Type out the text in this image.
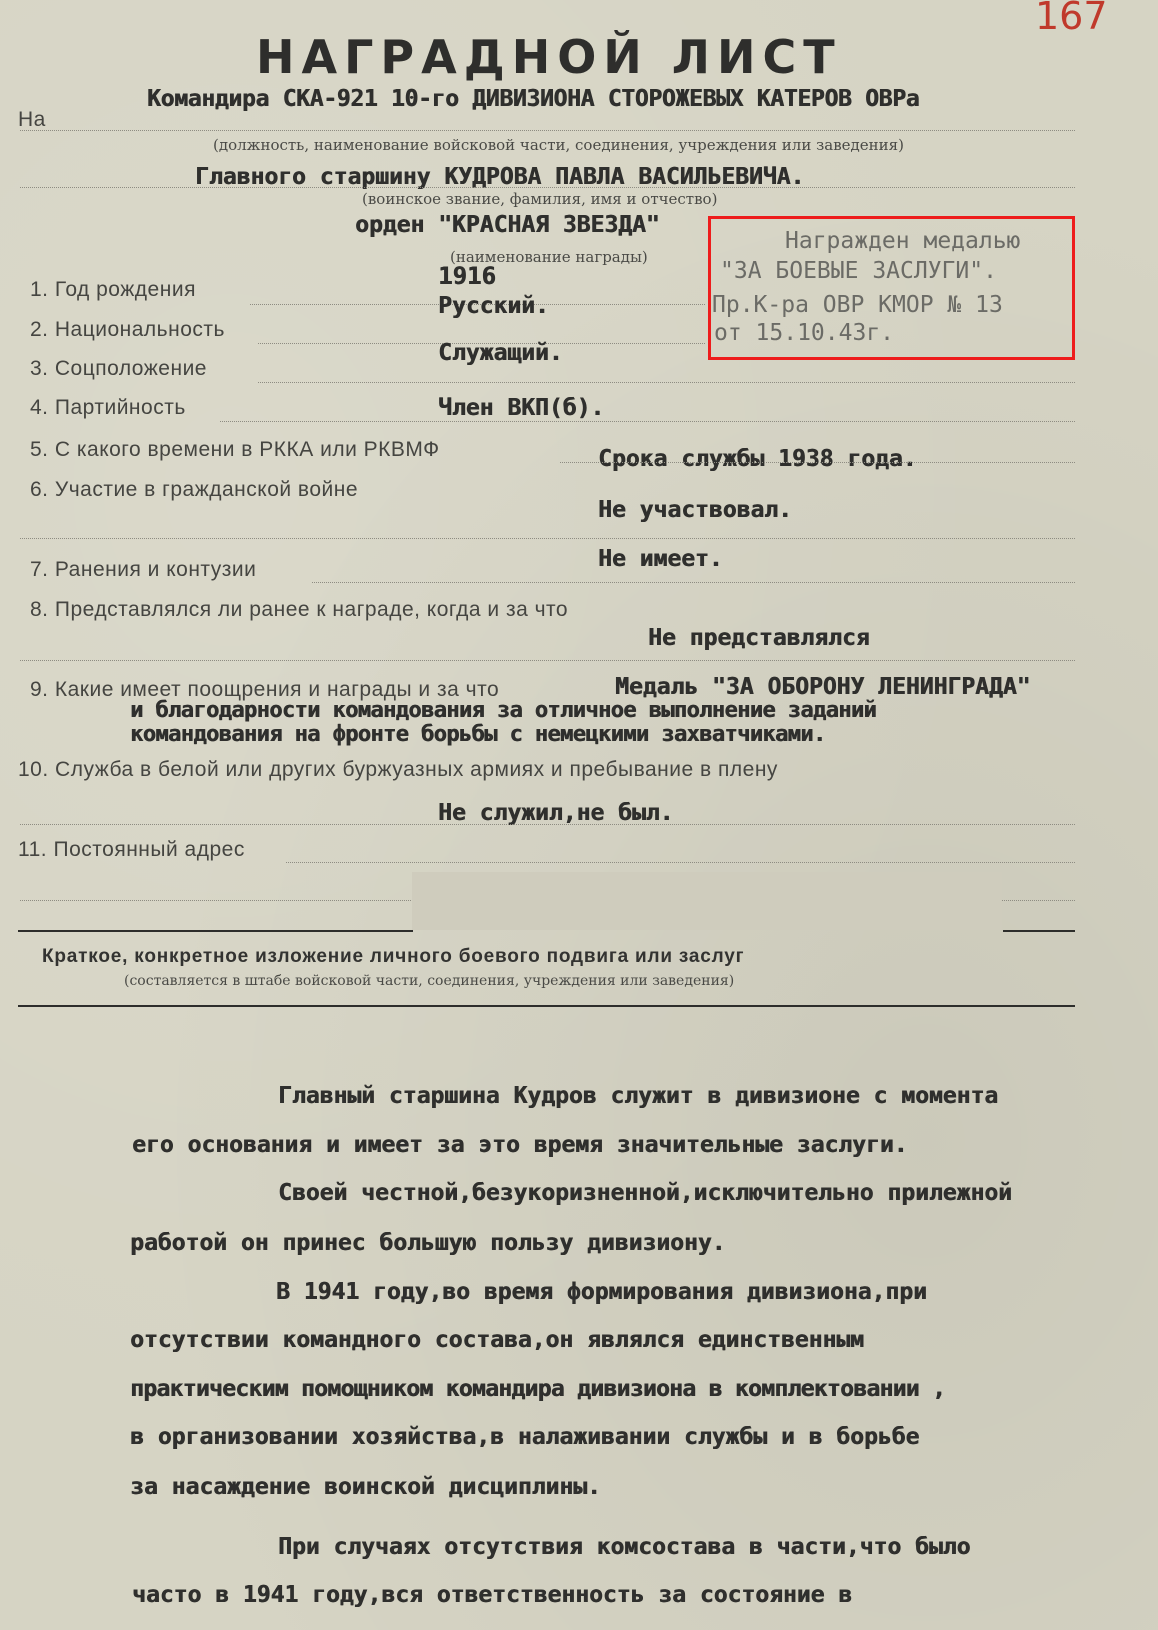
167
НАГРАДНОЙ ЛИСТ
На
Командира СКА-921 10-го ДИВИЗИОНА СТОРОЖЕВЫХ КАТЕРОВ ОВРа
(должность, наименование войсковой части, соединения, учреждения или заведения)
Главного старшину КУДРОВА ПАВЛА ВАСИЛЬЕВИЧА.
(воинское звание, фамилия, имя и отчество)
орден "КРАСНАЯ ЗВЕЗДА"
(наименование награды)
Награжден медалью
"ЗА БОЕВЫЕ ЗАСЛУГИ".
Пр.К-ра ОВР КМОР № 13
от 15.10.43г.
1. Год рождения	1916
2. Национальность
Русский.
3. Соцположение
Служащий.
4. Партийность	Член ВКП(б).
5. С какого времени в РККА или РКВМФ	Срока службы 1938 года.
6. Участие в гражданской войне
Не участвовал.
7. Ранения и контузии	Не имеет.
8. Представлялся ли ранее к награде, когда и за что
Не представлялся
9. Какие имеет поощрения и награды и за что	Медаль "ЗА ОБОРОНУ ЛЕНИНГРАДА"
и благодарности командования за отличное выполнение заданий
командования на фронте борьбы с немецкими захватчиками.
10. Служба в белой или других буржуазных армиях и пребывание в плену
Не служил,не был.
11. Постоянный адрес
Краткое, конкретное изложение личного боевого подвига или заслуг
(составляется в штабе войсковой части, соединения, учреждения или заведения)
Главный старшина Кудров служит в дивизионе с момента
его основания и имеет за это время значительные заслуги.
Своей честной,безукоризненной,исключительно прилежной
работой он принес большую пользу дивизиону.
В 1941 году,во время формирования дивизиона,при
отсутствии командного состава,он являлся единственным
практическим помощником командира дивизиона в комплектовании ,
в организовании хозяйства,в налаживании службы и в борьбе
за насаждение воинской дисциплины.
При случаях отсутствия комсостава в части,что было
часто в 1941 году,вся ответственность за состояние в
